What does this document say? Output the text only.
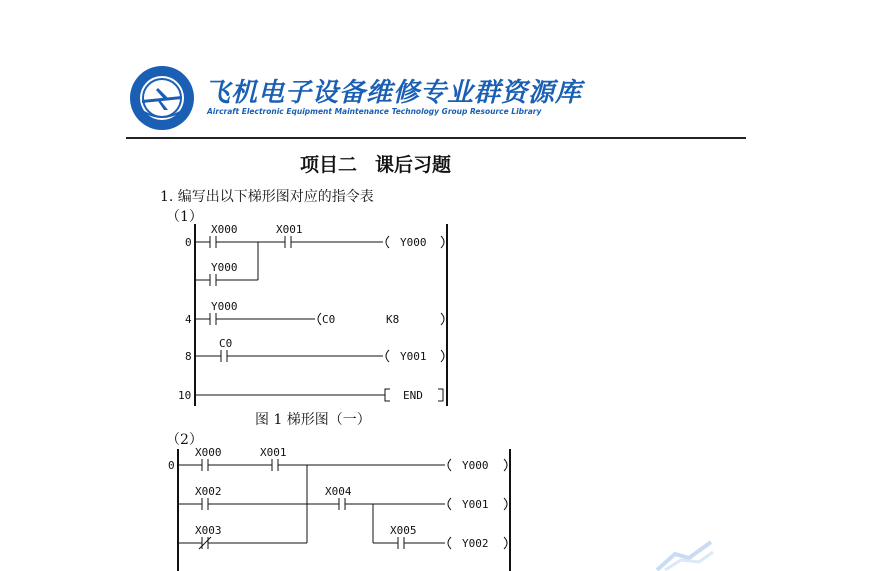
飞机电子设备维修专业群资源库
Aircraft Electronic Equipment Maintenance Technology Group Resource Library
项目二 课后习题
1. 编写出以下梯形图对应的指令表
（1）
0
X000	X001
Y000
Y000
4
Y000
C0	K8
8
C0
Y001
10	END
图 1 梯形图（一）
（2）
0
X000	X001
Y000
X002	X004
Y001
X003	X005
Y002
